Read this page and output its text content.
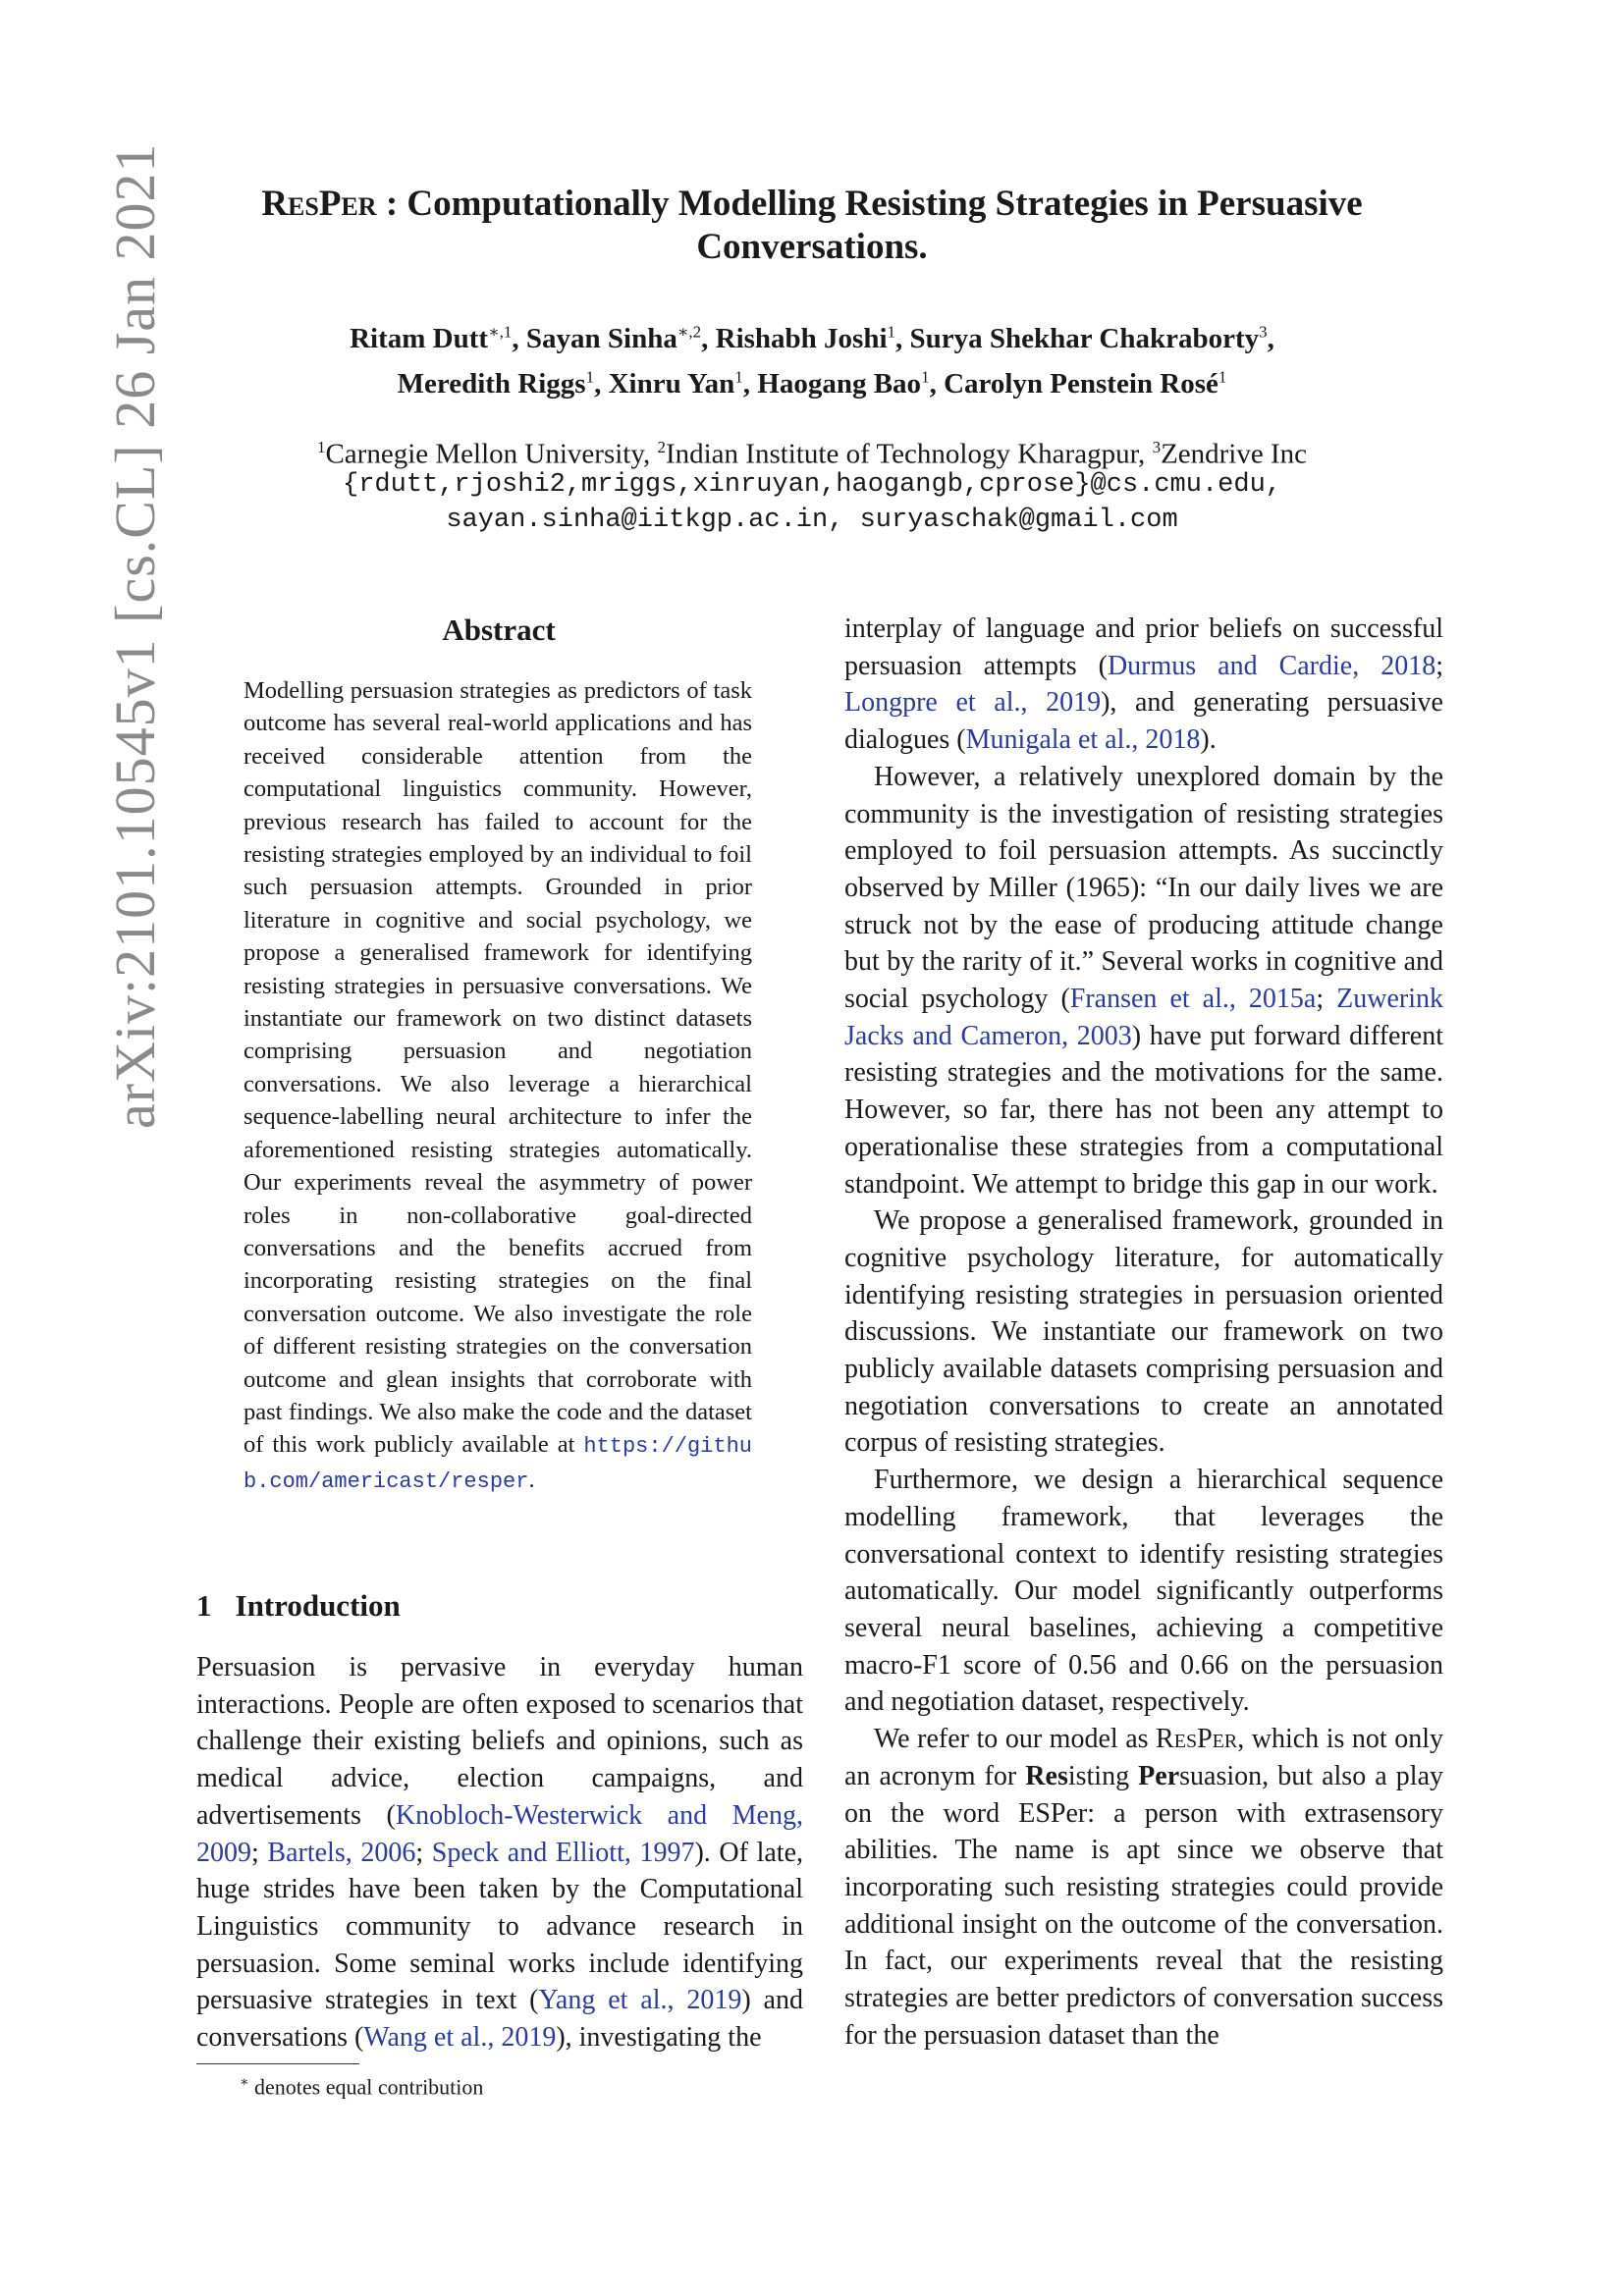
arXiv:2101.10545v1 [cs.CL] 26 Jan 2021	ResPer : Computationally Modelling Resisting Strategies in Persuasive Conversations.
Ritam Dutt$^{∗,1}$, Sayan Sinha$^{∗,2}$, Rishabh Joshi$^1$, Surya Shekhar Chakraborty$^3$,
Meredith Riggs$^1$, Xinru Yan$^1$, Haogang Bao$^1$, Carolyn Penstein Rosé$^1$
$^1$Carnegie Mellon University, $^2$Indian Institute of Technology Kharagpur, $^3$Zendrive Inc
{rdutt,rjoshi2,mriggs,xinruyan,haogangb,cprose}@cs.cmu.edu,
sayan.sinha@iitkgp.ac.in, suryaschak@gmail.com
Abstract

Modelling persuasion strategies as predictors of task outcome has several real-world applications and has received considerable attention from the computational linguistics community. However, previous research has failed to account for the resisting strategies employed by an individual to foil such persuasion attempts. Grounded in prior literature in cognitive and social psychology, we propose a generalised framework for identifying resisting strategies in persuasive conversations. We instantiate our framework on two distinct datasets comprising persuasion and negotiation conversations. We also leverage a hierarchical sequence-labelling neural architecture to infer the aforementioned resisting strategies automatically. Our experiments reveal the asymmetry of power roles in non-collaborative goal-directed conversations and the benefits accrued from incorporating resisting strategies on the final conversation outcome. We also investigate the role of different resisting strategies on the conversation outcome and glean insights that corroborate with past findings. We also make the code and the dataset of this work publicly available at https://github.com/americast/resper.

1 Introduction

Persuasion is pervasive in everyday human interactions. People are often exposed to scenarios that challenge their existing beliefs and opinions, such as medical advice, election campaigns, and advertisements (Knobloch-Westerwick and Meng, 2009; Bartels, 2006; Speck and Elliott, 1997). Of late, huge strides have been taken by the Computational Linguistics community to advance research in persuasion. Some seminal works include identifying persuasive strategies in text (Yang et al., 2019) and conversations (Wang et al., 2019), investigating the

interplay of language and prior beliefs on successful persuasion attempts (Durmus and Cardie, 2018; Longpre et al., 2019), and generating persuasive dialogues (Munigala et al., 2018).

However, a relatively unexplored domain by the community is the investigation of resisting strategies employed to foil persuasion attempts. As succinctly observed by Miller (1965): “In our daily lives we are struck not by the ease of producing attitude change but by the rarity of it.” Several works in cognitive and social psychology (Fransen et al., 2015a; Zuwerink Jacks and Cameron, 2003) have put forward different resisting strategies and the motivations for the same. However, so far, there has not been any attempt to operationalise these strategies from a computational standpoint. We attempt to bridge this gap in our work.

We propose a generalised framework, grounded in cognitive psychology literature, for automatically identifying resisting strategies in persuasion oriented discussions. We instantiate our framework on two publicly available datasets comprising persuasion and negotiation conversations to create an annotated corpus of resisting strategies.

Furthermore, we design a hierarchical sequence modelling framework, that leverages the conversational context to identify resisting strategies automatically. Our model significantly outperforms several neural baselines, achieving a competitive macro-F1 score of 0.56 and 0.66 on the persuasion and negotiation dataset, respectively.

We refer to our model as ResPer, which is not only an acronym for Resisting Persuasion, but also a play on the word ESPer: a person with extrasensory abilities. The name is apt since we observe that incorporating such resisting strategies could provide additional insight on the outcome of the conversation. In fact, our experiments reveal that the resisting strategies are better predictors of conversation success for the persuasion dataset than the

∗ denotes equal contribution
